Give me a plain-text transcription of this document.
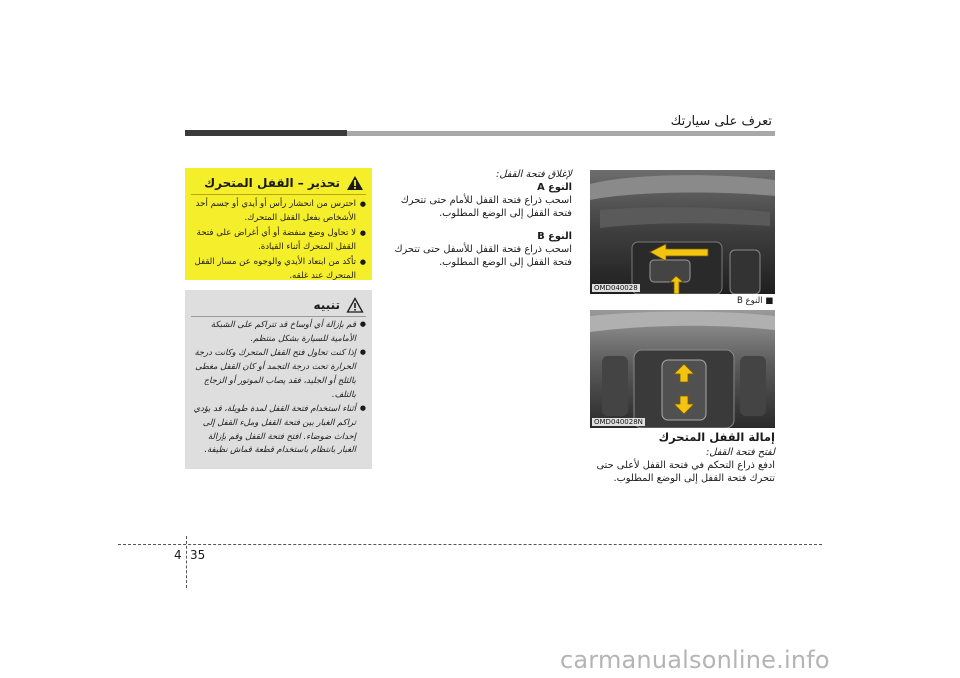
تعرف على سيارتك
تحذير – القفل المتحرك
● احترس من انحشار رأس أو أيدي أو جسم أحد الأشخاص بفعل القفل المتحرك.
● لا تحاول وضع منفضة أو أي أغراض على فتحة القفل المتحرك أثناء القيادة.
● تأكد من ابتعاد الأيدي والوجوه عن مسار القفل المتحرك عند غلقه.
تنبيه
● قم بإزالة أي أوساخ قد تتراكم على الشبكة الأمامية للسيارة بشكل منتظم.
● إذا كنت تحاول فتح القفل المتحرك وكانت درجة الحرارة تحت درجة التجمد أو كان القفل مغطى بالثلج أو الجليد، فقد يصاب الموتور أو الزجاج بالتلف.
● أثناء استخدام فتحة القفل لمدة طويلة، قد يؤدي تراكم الغبار بين فتحة القفل وملء القفل إلى إحداث ضوضاء. افتح فتحة القفل وقم بإزالة الغبار بانتظام باستخدام قطعة قماش نظيفة.

لإغلاق فتحة القفل:

النوع A

اسحب ذراع فتحة القفل للأمام حتى تتحرك فتحة القفل إلى الوضع المطلوب.

النوع B

اسحب ذراع فتحة القفل للأسفل حتى تتحرك فتحة القفل إلى الوضع المطلوب.

OMD040028
■ النوع B
OMD040028N

إمالة القفل المتحرك

لفتح فتحة القفل:

ادفع ذراع التحكم في فتحة القفل لأعلى حتى تتحرك فتحة القفل إلى الوضع المطلوب.

4 35
carmanualsonline.info
